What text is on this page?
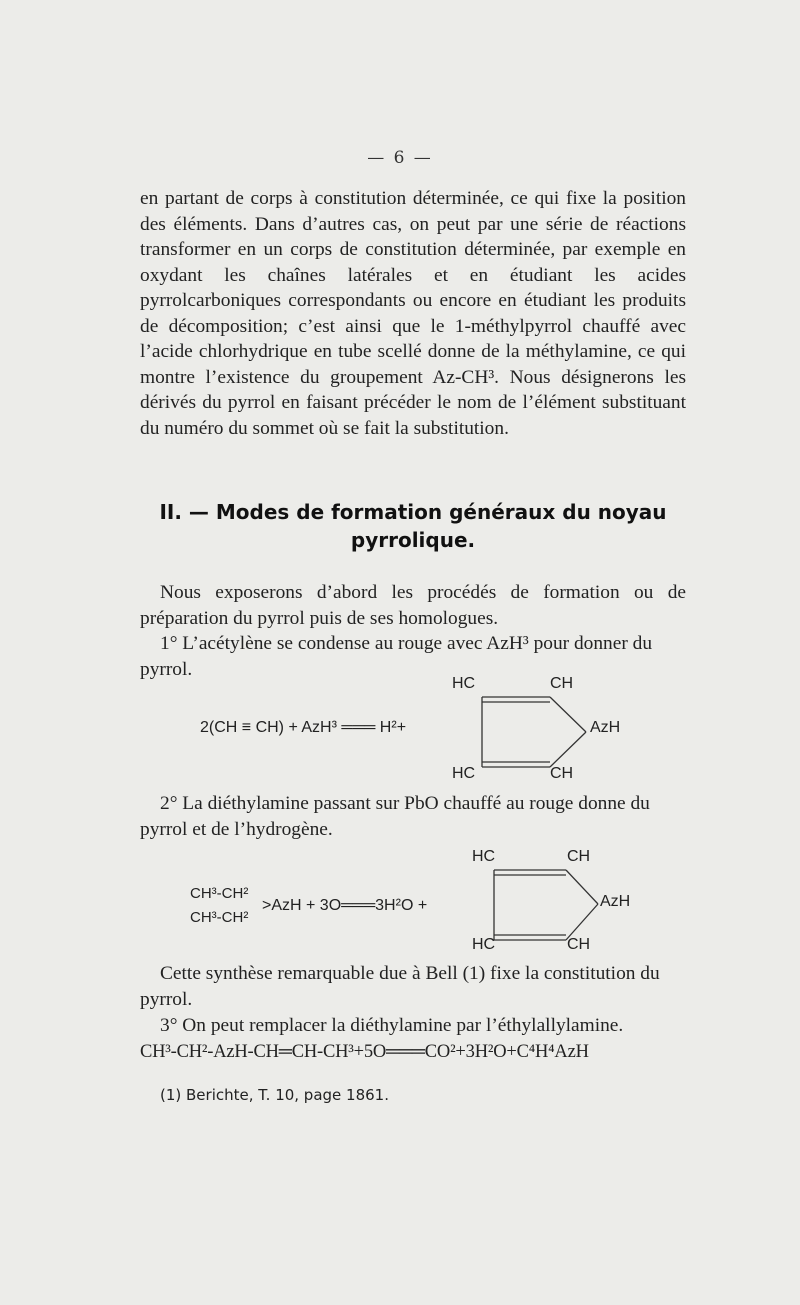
— 6 —
en partant de corps à constitution déterminée, ce qui fixe la position des éléments. Dans d’autres cas, on peut par une série de réactions transformer en un corps de constitution déterminée, par exemple en oxydant les chaînes latérales et en étudiant les acides pyrrolcarboniques correspondants ou encore en étudiant les produits de décomposition; c’est ainsi que le 1-méthylpyrrol chauffé avec l’acide chlorhydrique en tube scellé donne de la méthylamine, ce qui montre l’existence du groupement Az-CH³. Nous désignerons les dérivés du pyrrol en faisant précéder le nom de l’élément substituant du numéro du sommet où se fait la substitution.
II. — Modes de formation généraux du noyau pyrrolique.
Nous exposerons d’abord les procédés de formation ou de préparation du pyrrol puis de ses homologues.
1° L’acétylène se condense au rouge avec AzH³ pour donner du pyrrol.
2(CH ≡ CH) + AzH³ ═══ H²+
HC	CH
HC	CH
AzH
2° La diéthylamine passant sur PbO chauffé au rouge donne du pyrrol et de l’hydrogène.
CH³-CH²
CH³-CH²
>AzH + 3O═══3H²O +
HC	CH
HC	CH
AzH
Cette synthèse remarquable due à Bell (1) fixe la constitution du pyrrol.
3° On peut remplacer la diéthylamine par l’éthylallylamine.
CH³-CH²-AzH-CH═CH-CH³+5O═══CO²+3H²O+C⁴H⁴AzH
(1) Berichte, T. 10, page 1861.
